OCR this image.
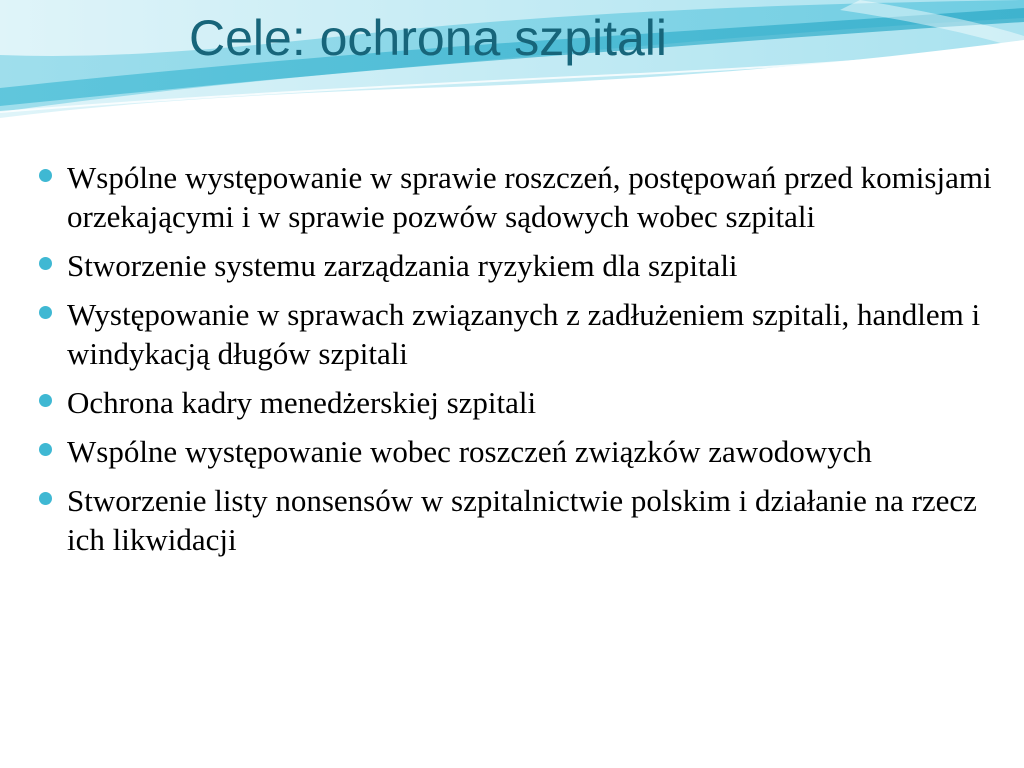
Cele: ochrona szpitali
Wspólne występowanie w sprawie roszczeń, postępowań przed komisjami orzekającymi i w sprawie pozwów sądowych wobec szpitali
Stworzenie systemu zarządzania ryzykiem dla szpitali
Występowanie w sprawach związanych z zadłużeniem szpitali, handlem i windykacją długów szpitali
Ochrona kadry menedżerskiej szpitali
Wspólne występowanie wobec roszczeń związków zawodowych
Stworzenie listy nonsensów w szpitalnictwie polskim i działanie na rzecz ich likwidacji
